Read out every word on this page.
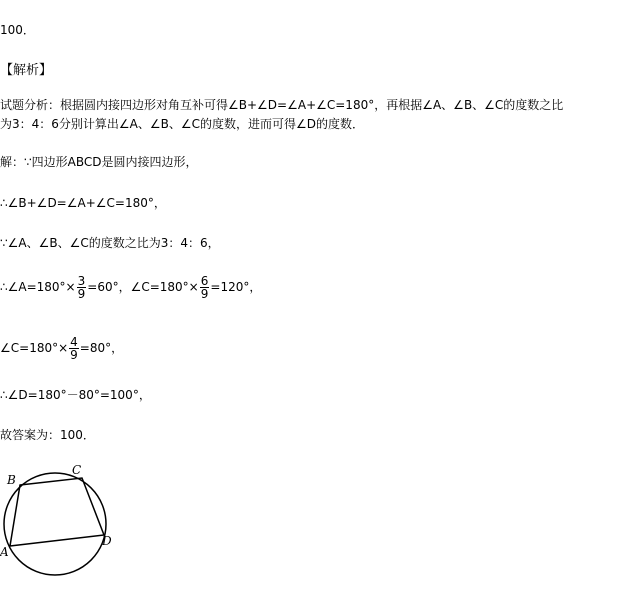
100．
【解析】
试题分析：根据圆内接四边形对角互补可得∠B+∠D=∠A+∠C=180°，再根据∠A、∠B、∠C的度数之比
为3：4：6分别计算出∠A、∠B、∠C的度数，进而可得∠D的度数．
解：∵四边形ABCD是圆内接四边形，
∴∠B+∠D=∠A+∠C=180°，
∵∠A、∠B、∠C的度数之比为3：4：6，
∴∠A=180°× $\frac{3}{9} =60^\circ$，∠C=180°× $\frac{6}{9} =120^\circ$，
∠C=180°× $\frac{4}{9} =80^\circ$，
∴∠D=180°－80°=100°，
故答案为：100．
B
C
D
A
